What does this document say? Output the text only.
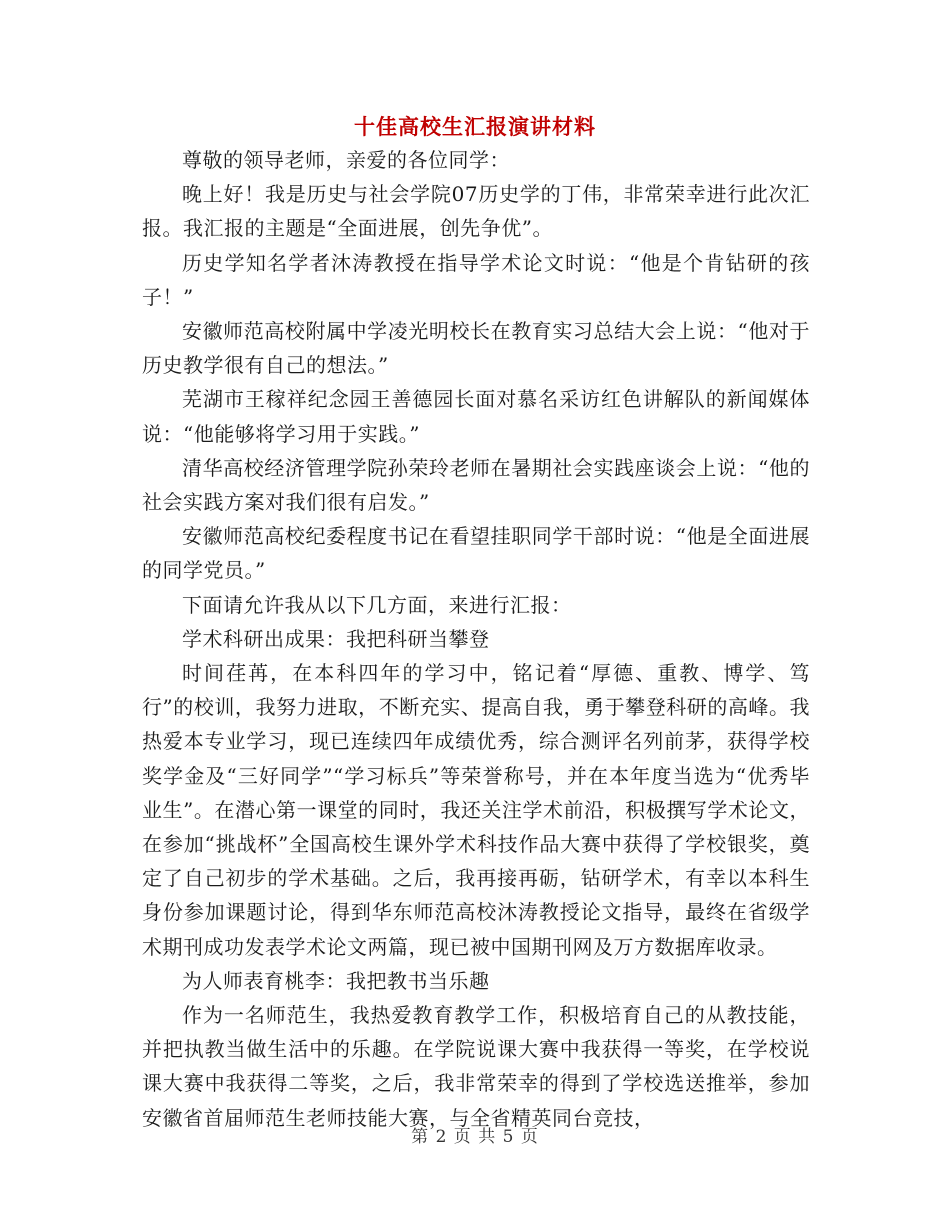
十佳高校生汇报演讲材料

尊敬的领导老师，亲爱的各位同学：

晚上好！我是历史与社会学院07历史学的丁伟，非常荣幸进行此次汇报。我汇报的主题是“全面进展，创先争优”。

历史学知名学者沐涛教授在指导学术论文时说：“他是个肯钻研的孩子！”

安徽师范高校附属中学凌光明校长在教育实习总结大会上说：“他对于历史教学很有自己的想法。”

芜湖市王稼祥纪念园王善德园长面对慕名采访红色讲解队的新闻媒体说：“他能够将学习用于实践。”

清华高校经济管理学院孙荣玲老师在暑期社会实践座谈会上说：“他的社会实践方案对我们很有启发。”

安徽师范高校纪委程度书记在看望挂职同学干部时说：“他是全面进展的同学党员。”

下面请允许我从以下几方面，来进行汇报：

学术科研出成果：我把科研当攀登

时间荏苒，在本科四年的学习中，铭记着“厚德、重教、博学、笃行”的校训，我努力进取，不断充实、提高自我，勇于攀登科研的高峰。我热爱本专业学习，现已连续四年成绩优秀，综合测评名列前茅，获得学校奖学金及“三好同学”“学习标兵”等荣誉称号，并在本年度当选为“优秀毕业生”。在潜心第一课堂的同时，我还关注学术前沿，积极撰写学术论文，在参加“挑战杯”全国高校生课外学术科技作品大赛中获得了学校银奖，奠定了自己初步的学术基础。之后，我再接再砺，钻研学术，有幸以本科生身份参加课题讨论，得到华东师范高校沐涛教授论文指导，最终在省级学术期刊成功发表学术论文两篇，现已被中国期刊网及万方数据库收录。

为人师表育桃李：我把教书当乐趣

作为一名师范生，我热爱教育教学工作，积极培育自己的从教技能，并把执教当做生活中的乐趣。在学院说课大赛中我获得一等奖，在学校说课大赛中我获得二等奖，之后，我非常荣幸的得到了学校选送推举，参加安徽省首届师范生老师技能大赛，与全省精英同台竞技，

第 2 页 共 5 页
